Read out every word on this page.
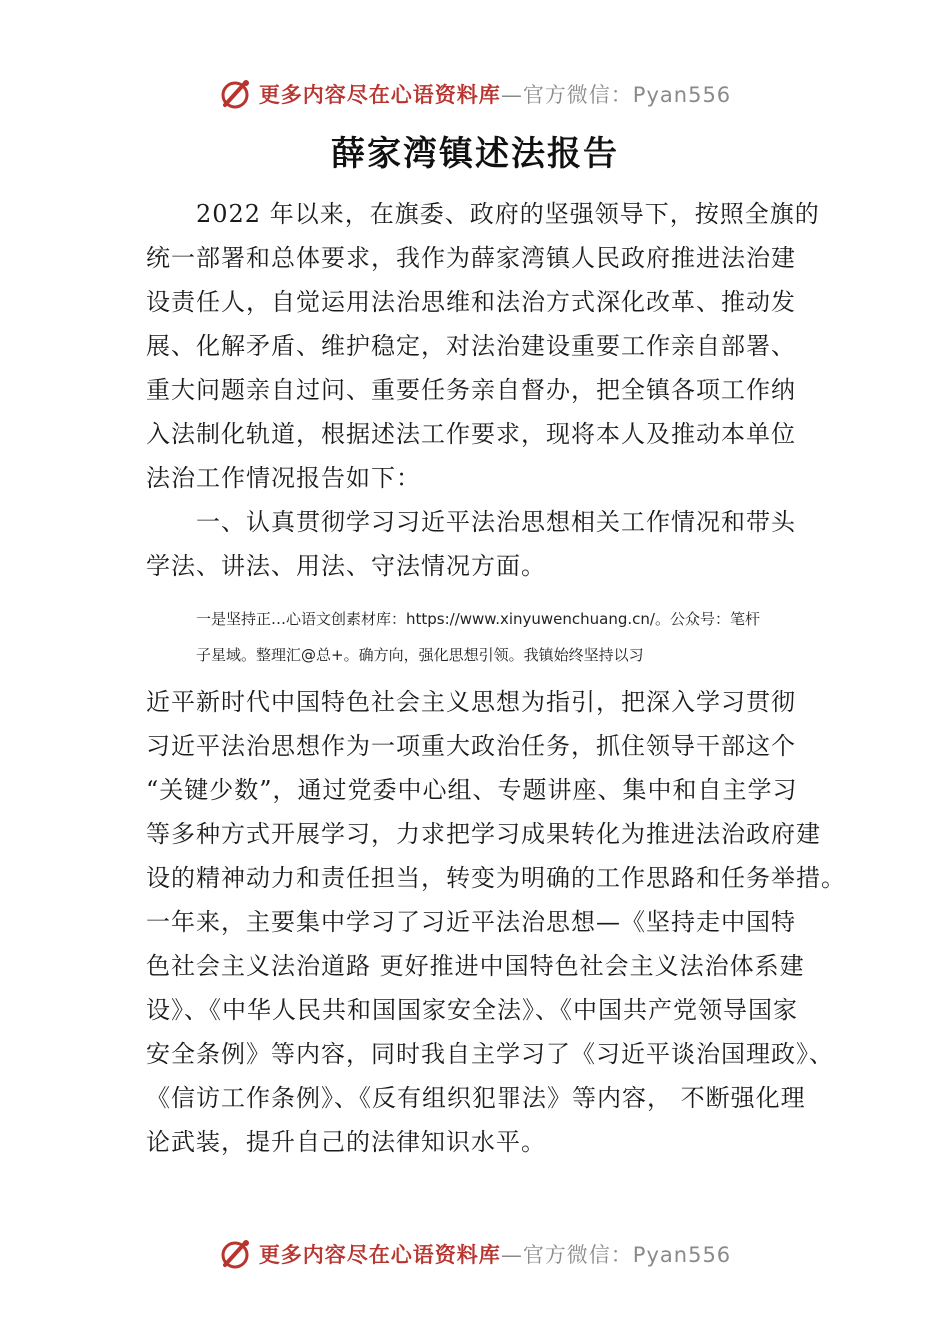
更多内容尽在心语资料库 —官方微信：Pyan556
薛家湾镇述法报告
　　2022 年以来，在旗委、政府的坚强领导下，按照全旗的
统一部署和总体要求，我作为薛家湾镇人民政府推进法治建
设责任人，自觉运用法治思维和法治方式深化改革、推动发
展、化解矛盾、维护稳定，对法治建设重要工作亲自部署、
重大问题亲自过问、重要任务亲自督办，把全镇各项工作纳
入法制化轨道，根据述法工作要求，现将本人及推动本单位
法治工作情况报告如下：
　　一、认真贯彻学习习近平法治思想相关工作情况和带头
学法、讲法、用法、守法情况方面。
一是坚持正…心语文创素材库：https://www.xinyuwenchuang.cn/。公众号：笔杆
子星域。整理汇@总+。确方向，强化思想引领。我镇始终坚持以习
近平新时代中国特色社会主义思想为指引，把深入学习贯彻
习近平法治思想作为一项重大政治任务，抓住领导干部这个
“关键少数”，通过党委中心组、专题讲座、集中和自主学习
等多种方式开展学习，力求把学习成果转化为推进法治政府建
设的精神动力和责任担当，转变为明确的工作思路和任务举措。
一年来，主要集中学习了习近平法治思想—《坚持走中国特
色社会主义法治道路 更好推进中国特色社会主义法治体系建
设》、《中华人民共和国国家安全法》、《中国共产党领导国家
安全条例》等内容，同时我自主学习了《习近平谈治国理政》、
《信访工作条例》、《反有组织犯罪法》等内容， 不断强化理
论武装，提升自己的法律知识水平。
更多内容尽在心语资料库 —官方微信：Pyan556
